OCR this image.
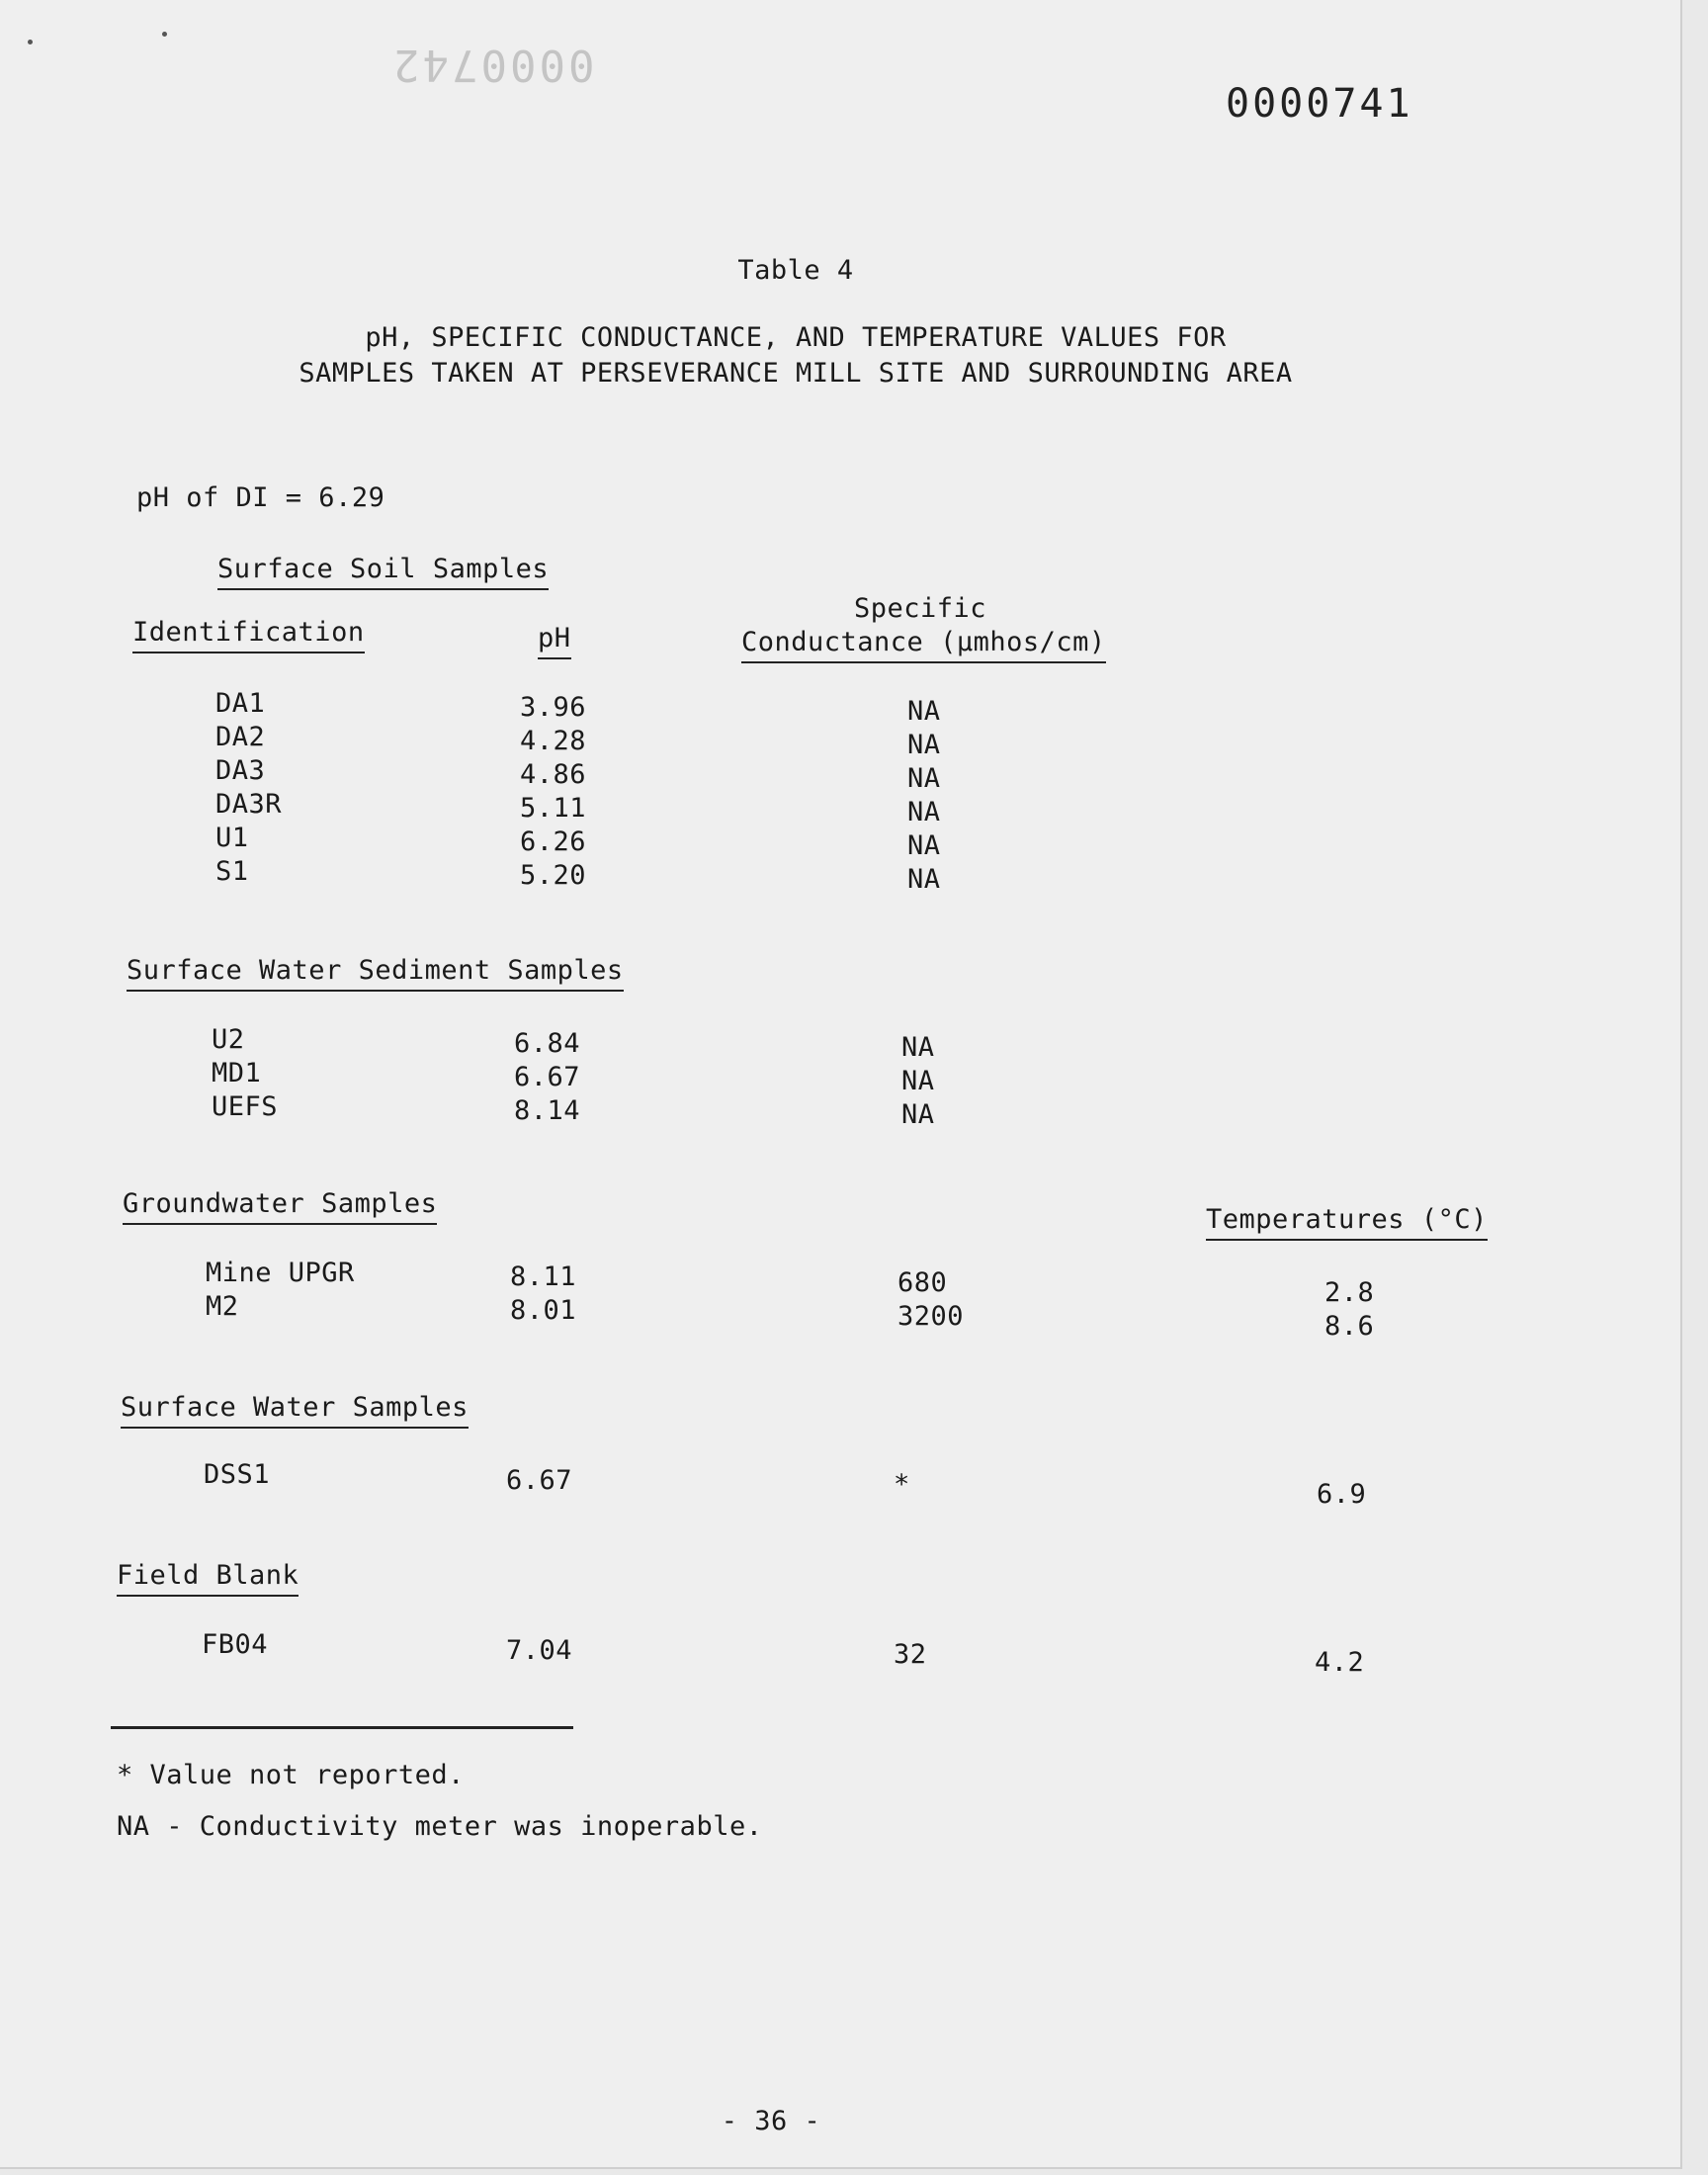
0000742
0000741
Table 4
pH, SPECIFIC CONDUCTANCE, AND TEMPERATURE VALUES FOR
SAMPLES TAKEN AT PERSEVERANCE MILL SITE AND SURROUNDING AREA
pH of DI = 6.29
Surface Soil Samples
Identification	pH
Specific
Conductance (μmhos/cm)
DA1	3.96	NA
DA2	4.28	NA
DA3	4.86	NA
DA3R	5.11	NA
U1	6.26	NA
S1	5.20	NA
Surface Water Sediment Samples
U2	6.84	NA
MD1	6.67	NA
UEFS	8.14	NA
Groundwater Samples
Temperatures (°C)
Mine UPGR	8.11	680	2.8
M2	8.01	3200	8.6
Surface Water Samples
DSS1	6.67	*	6.9
Field Blank
FB04	7.04	32	4.2
* Value not reported.
NA - Conductivity meter was inoperable.
- 36 -
